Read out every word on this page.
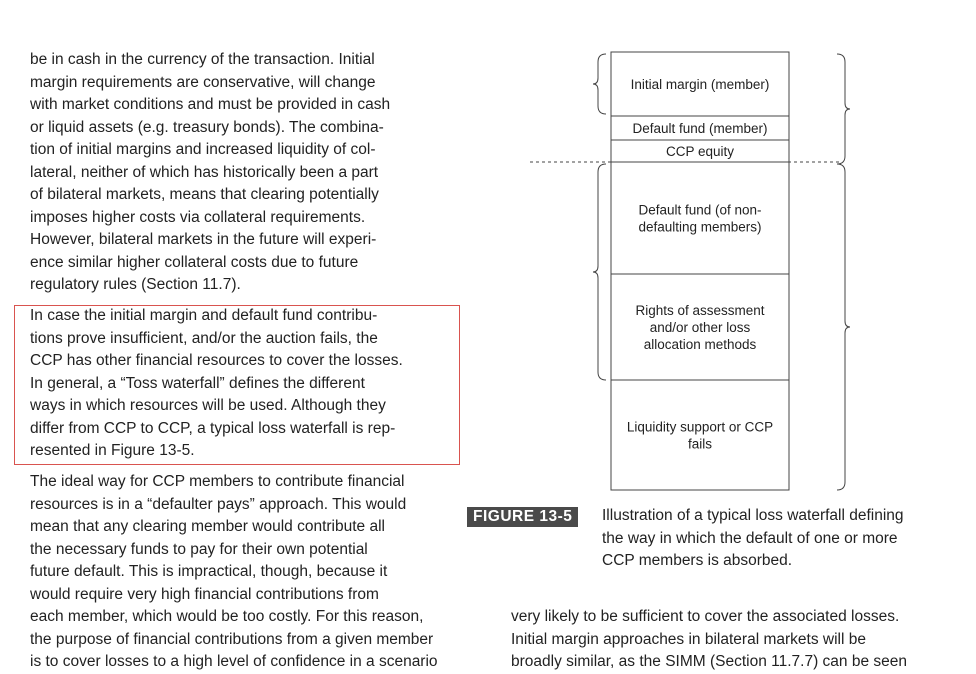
be in cash in the currency of the transaction. Initial
margin requirements are conservative, will change
with market conditions and must be provided in cash
or liquid assets (e.g. treasury bonds). The combina-
tion of initial margins and increased liquidity of col-
lateral, neither of which has historically been a part
of bilateral markets, means that clearing potentially
imposes higher costs via collateral requirements.
However, bilateral markets in the future will experi-
ence similar higher collateral costs due to future
regulatory rules (Section 11.7).
In case the initial margin and default fund contribu-
tions prove insufficient, and/or the auction fails, the
CCP has other financial resources to cover the losses.
In general, a “Toss waterfall” defines the different
ways in which resources will be used. Although they
differ from CCP to CCP, a typical loss waterfall is rep-
resented in Figure 13-5.
The ideal way for CCP members to contribute financial
resources is in a “defaulter pays” approach. This would
mean that any clearing member would contribute all
the necessary funds to pay for their own potential
future default. This is impractical, though, because it
would require very high financial contributions from
each member, which would be too costly. For this reason,
the purpose of financial contributions from a given member
is to cover losses to a high level of confidence in a scenario
very likely to be sufficient to cover the associated losses.
Initial margin approaches in bilateral markets will be
broadly similar, as the SIMM (Section 11.7.7) can be seen
Initial margin (member)
Default fund (member)
CCP equity
Default fund (of non-defaulting members)
Rights of assessment and/or other loss allocation methods
Liquidity support or CCP fails
FIGURE 13-5	Illustration of a typical loss waterfall defining
the way in which the default of one or more
CCP members is absorbed.
